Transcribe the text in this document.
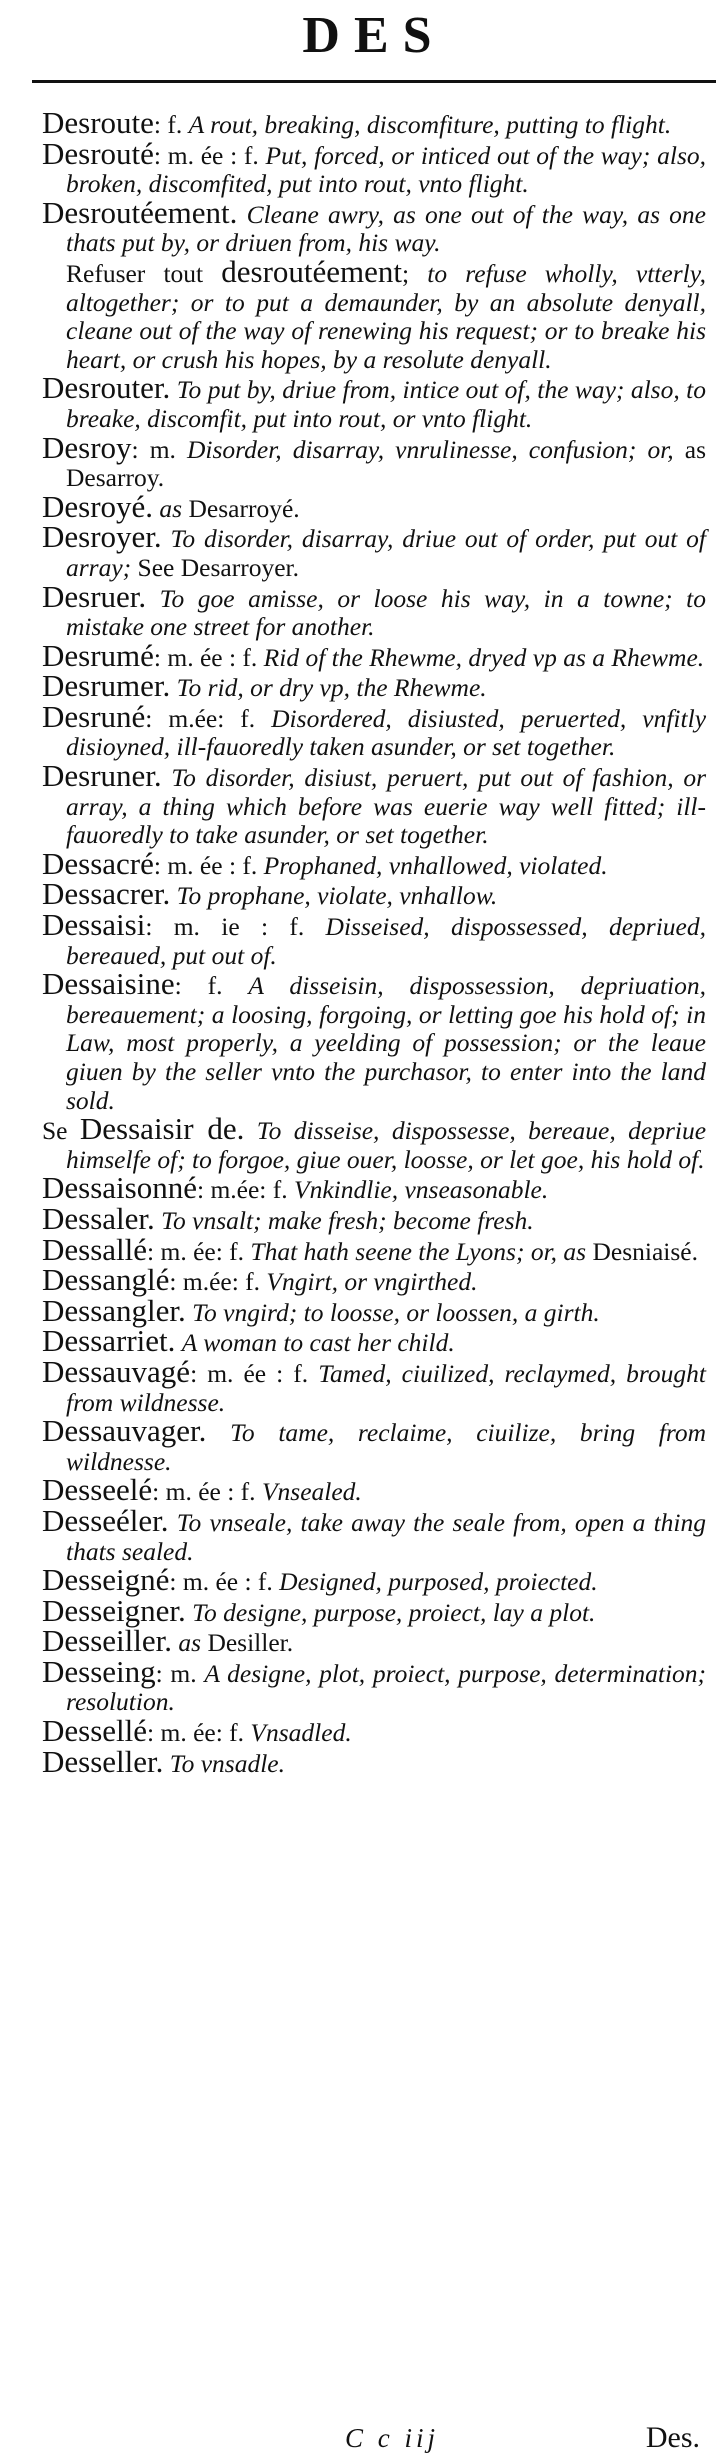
DES

Desroute: f. A rout, breaking, discomfiture, putting to flight.

Desrouté: m. ée : f. Put, forced, or inticed out of the way; also, broken, discomfited, put into rout, vnto flight.

Desroutéement. Cleane awry, as one out of the way, as one thats put by, or driuen from, his way.

Refuser tout desroutéement; to refuse wholly, vtterly, altogether; or to put a demaunder, by an absolute denyall, cleane out of the way of renewing his request; or to breake his heart, or crush his hopes, by a resolute denyall.

Desrouter. To put by, driue from, intice out of, the way; also, to breake, discomfit, put into rout, or vnto flight.

Desroy: m. Disorder, disarray, vnrulinesse, confusion; or, as Desarroy.

Desroyé. as Desarroyé.

Desroyer. To disorder, disarray, driue out of order, put out of array; See Desarroyer.

Desruer. To goe amisse, or loose his way, in a towne; to mistake one street for another.

Desrumé: m. ée : f. Rid of the Rhewme, dryed vp as a Rhewme.

Desrumer. To rid, or dry vp, the Rhewme.

Desruné: m.ée: f. Disordered, disiusted, peruerted, vnfitly disioyned, ill-fauoredly taken asunder, or set together.

Desruner. To disorder, disiust, peruert, put out of fashion, or array, a thing which before was euerie way well fitted; ill-fauoredly to take asunder, or set together.

Dessacré: m. ée : f. Prophaned, vnhallowed, violated.

Dessacrer. To prophane, violate, vnhallow.

Dessaisi: m. ie : f. Disseised, dispossessed, depriued, bereaued, put out of.

Dessaisine: f. A disseisin, dispossession, depriuation, bereauement; a loosing, forgoing, or letting goe his hold of; in Law, most properly, a yeelding of possession; or the leaue giuen by the seller vnto the purchasor, to enter into the land sold.

Se Dessaisir de. To disseise, dispossesse, bereaue, depriue himselfe of; to forgoe, giue ouer, loosse, or let goe, his hold of.

Dessaisonné: m.ée: f. Vnkindlie, vnseasonable.

Dessaler. To vnsalt; make fresh; become fresh.

Dessallé: m. ée: f. That hath seene the Lyons; or, as Desniaisé.

Dessanglé: m.ée: f. Vngirt, or vngirthed.

Dessangler. To vngird; to loosse, or loossen, a girth.

Dessarriet. A woman to cast her child.

Dessauvagé: m. ée : f. Tamed, ciuilized, reclaymed, brought from wildnesse.

Dessauvager. To tame, reclaime, ciuilize, bring from wildnesse.

Desseelé: m. ée : f. Vnsealed.

Desseéler. To vnseale, take away the seale from, open a thing thats sealed.

Desseigné: m. ée : f. Designed, purposed, proiected.

Desseigner. To designe, purpose, proiect, lay a plot.

Desseiller. as Desiller.

Desseing: m. A designe, plot, proiect, purpose, determination; resolution.

Dessellé: m. ée: f. Vnsadled.

Desseller. To vnsadle.

C c iij	Des.
